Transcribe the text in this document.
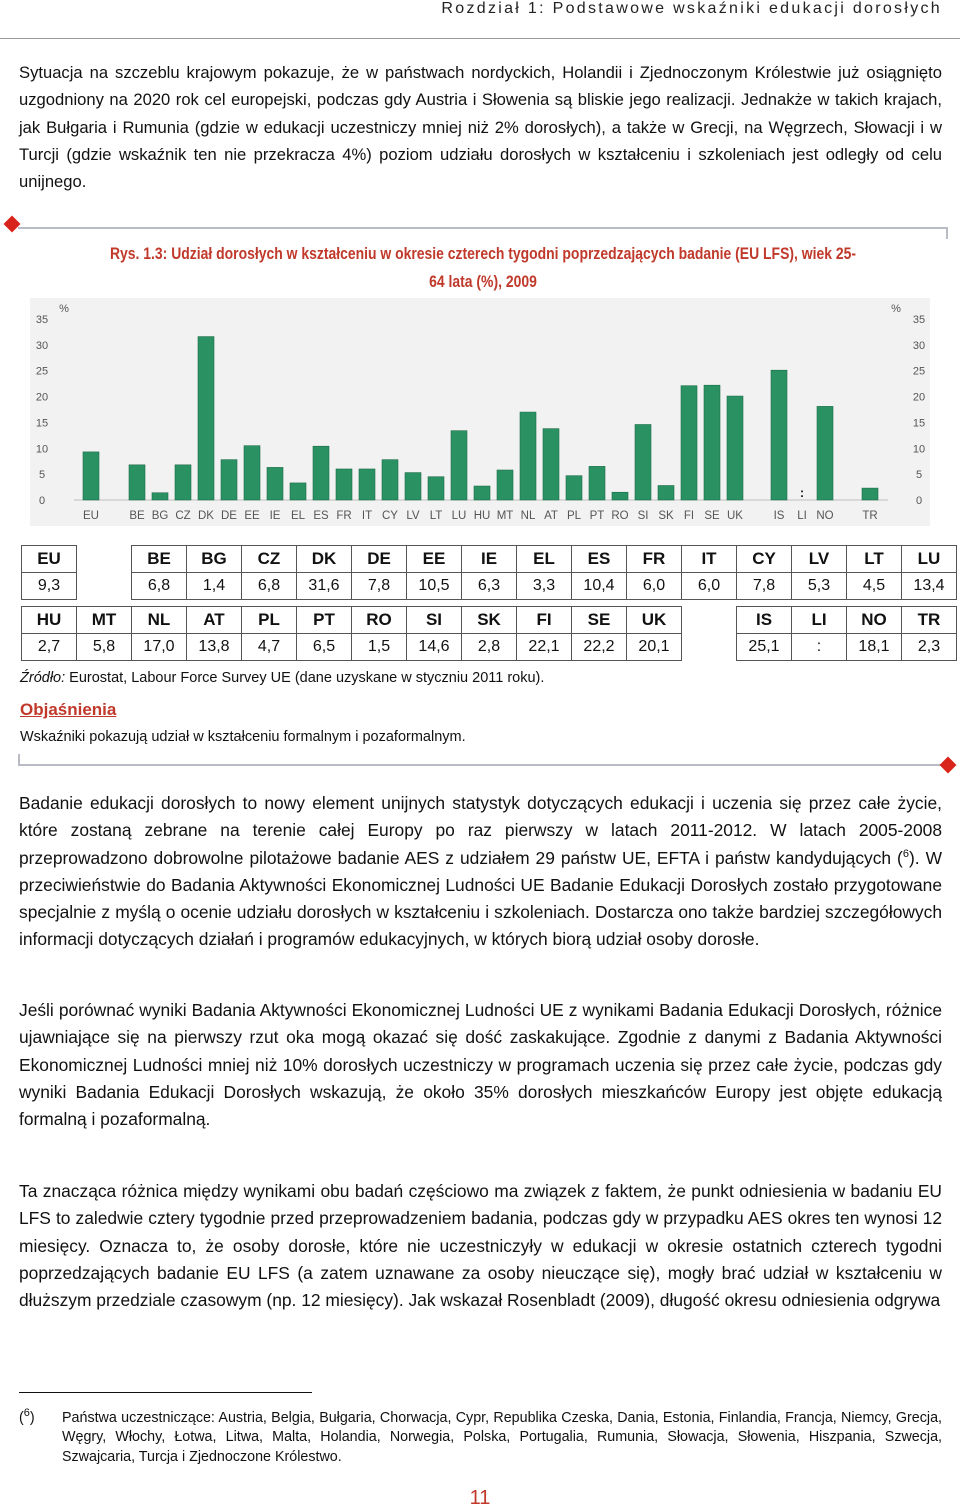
Rozdział 1: Podstawowe wskaźniki edukacji dorosłych

Sytuacja na szczeblu krajowym pokazuje, że w państwach nordyckich, Holandii i Zjednoczonym Królestwie już osiągnięto uzgodniony na 2020 rok cel europejski, podczas gdy Austria i Słowenia są bliskie jego realizacji. Jednakże w takich krajach, jak Bułgaria i Rumunia (gdzie w edukacji uczestniczy mniej niż 2% dorosłych), a także w Grecji, na Węgrzech, Słowacji i w Turcji (gdzie wskaźnik ten nie przekracza 4%) poziom udziału dorosłych w kształceniu i szkoleniach jest odległy od celu unijnego.

Rys. 1.3: Udział dorosłych w kształceniu w okresie czterech tygodni poprzedzających badanie (EU LFS), wiek 25-64 lata (%), 2009

35	35
30	30
25	25
20	20
15	15
10	10
5	5
0	0
%	%
EU	BE BG CZ DK DE EE IE EL ES FR IT CY LV LT LU HU MT NL AT PL PT RO SI SK FI SE UK	IS
:
LI NO TR
EU		BE	BG	CZ	DK	DE	EE	IE	EL	ES	FR	IT	CY	LV	LT	LU
9,3		6,8	1,4	6,8	31,6	7,8	10,5	6,3	3,3	10,4	6,0	6,0	7,8	5,3	4,5	13,4
HU	MT	NL	AT	PL	PT	RO	SI	SK	FI	SE	UK		IS	LI	NO	TR
2,7	5,8	17,0	13,8	4,7	6,5	1,5	14,6	2,8	22,1	22,2	20,1		25,1	:	18,1	2,3

Źródło: Eurostat, Labour Force Survey UE (dane uzyskane w styczniu 2011 roku).

Objaśnienia

Wskaźniki pokazują udział w kształceniu formalnym i pozaformalnym.

Badanie edukacji dorosłych to nowy element unijnych statystyk dotyczących edukacji i uczenia się przez całe życie, które zostaną zebrane na terenie całej Europy po raz pierwszy w latach 2011-2012. W latach 2005-2008 przeprowadzono dobrowolne pilotażowe badanie AES z udziałem 29 państw UE, EFTA i państw kandydujących ($^6$). W przeciwieństwie do Badania Aktywności Ekonomicznej Ludności UE Badanie Edukacji Dorosłych zostało przygotowane specjalnie z myślą o ocenie udziału dorosłych w kształceniu i szkoleniach. Dostarcza ono także bardziej szczegółowych informacji dotyczących działań i programów edukacyjnych, w których biorą udział osoby dorosłe.

Jeśli porównać wyniki Badania Aktywności Ekonomicznej Ludności UE z wynikami Badania Edukacji Dorosłych, różnice ujawniające się na pierwszy rzut oka mogą okazać się dość zaskakujące. Zgodnie z danymi z Badania Aktywności Ekonomicznej Ludności mniej niż 10% dorosłych uczestniczy w programach uczenia się przez całe życie, podczas gdy wyniki Badania Edukacji Dorosłych wskazują, że około 35% dorosłych mieszkańców Europy jest objęte edukacją formalną i pozaformalną.

Ta znacząca różnica między wynikami obu badań częściowo ma związek z faktem, że punkt odniesienia w badaniu EU LFS to zaledwie cztery tygodnie przed przeprowadzeniem badania, podczas gdy w przypadku AES okres ten wynosi 12 miesięcy. Oznacza to, że osoby dorosłe, które nie uczestniczyły w edukacji w okresie ostatnich czterech tygodni poprzedzających badanie EU LFS (a zatem uznawane za osoby nieuczące się), mogły brać udział w kształceniu w dłuższym przedziale czasowym (np. 12 miesięcy). Jak wskazał Rosenbladt (2009), długość okresu odniesienia odgrywa

($^6$) Państwa uczestniczące: Austria, Belgia, Bułgaria, Chorwacja, Cypr, Republika Czeska, Dania, Estonia, Finlandia, Francja, Niemcy, Grecja, Węgry, Włochy, Łotwa, Litwa, Malta, Holandia, Norwegia, Polska, Portugalia, Rumunia, Słowacja, Słowenia, Hiszpania, Szwecja, Szwajcaria, Turcja i Zjednoczone Królestwo.

11
